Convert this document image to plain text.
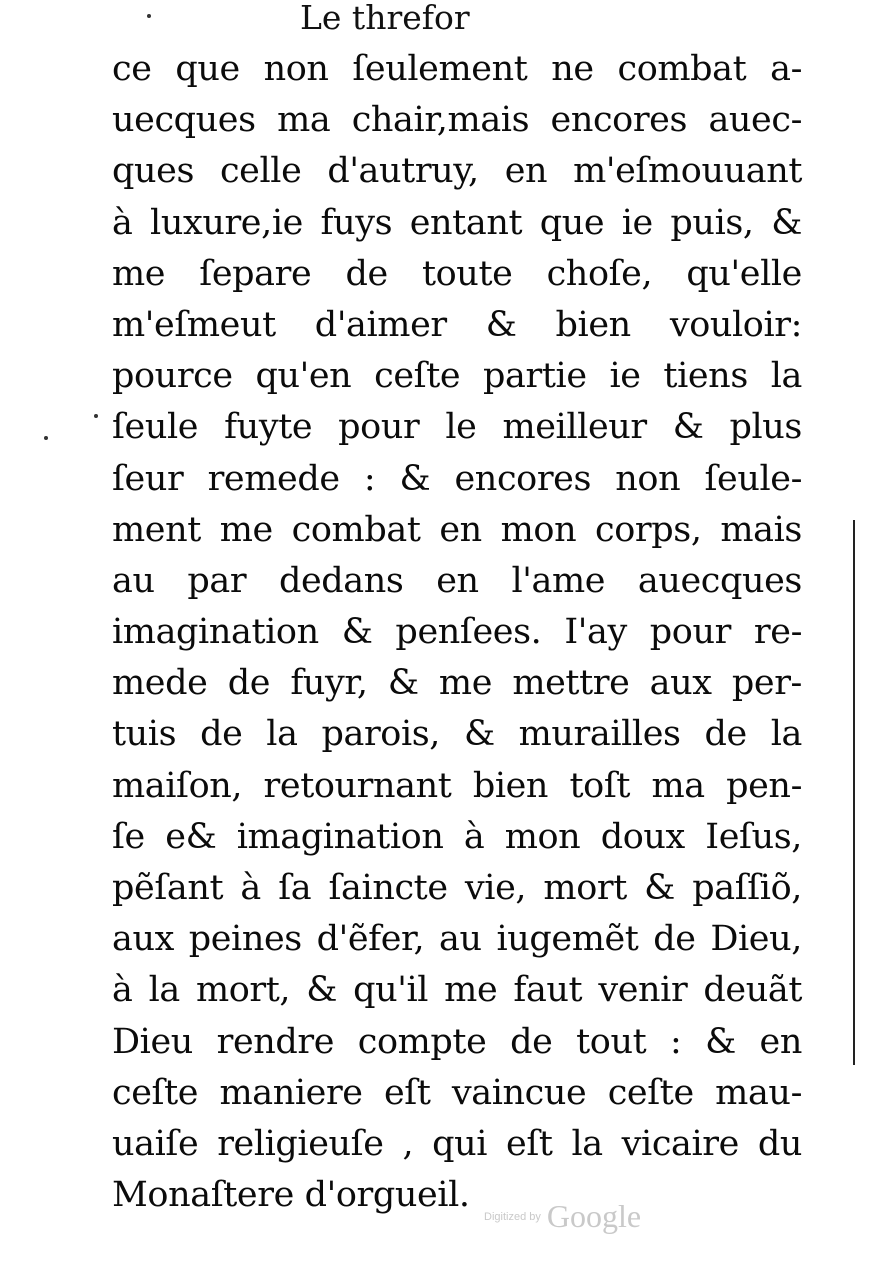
Le threfor
ce que non ſeulement ne combat a-
uecques ma chair,mais encores auec-
ques celle d'autruy, en m'eſmouuant
à luxure,ie fuys entant que ie puis, &
me ſepare de toute choſe, qu'elle
m'eſmeut d'aimer & bien vouloir:
pource qu'en ceſte partie ie tiens la
ſeule fuyte pour le meilleur & plus
ſeur remede : & encores non ſeule-
ment me combat en mon corps, mais
au par dedans en l'ame auecques
imagination & penſees. I'ay pour re-
mede de fuyr, & me mettre aux per-
tuis de la parois, & murailles de la
maiſon, retournant bien toſt ma pen-
ſe e& imagination à mon doux Ieſus,
pẽſant à ſa ſaincte vie, mort & paſſiõ,
aux peines d'ẽfer, au iugemẽt de Dieu,
à la mort, & qu'il me faut venir deuãt
Dieu rendre compte de tout : & en
ceſte maniere eſt vaincue ceſte mau-
uaiſe religieuſe , qui eſt la vicaire du
Monaſtere d'orgueil.
Digitized by Google
